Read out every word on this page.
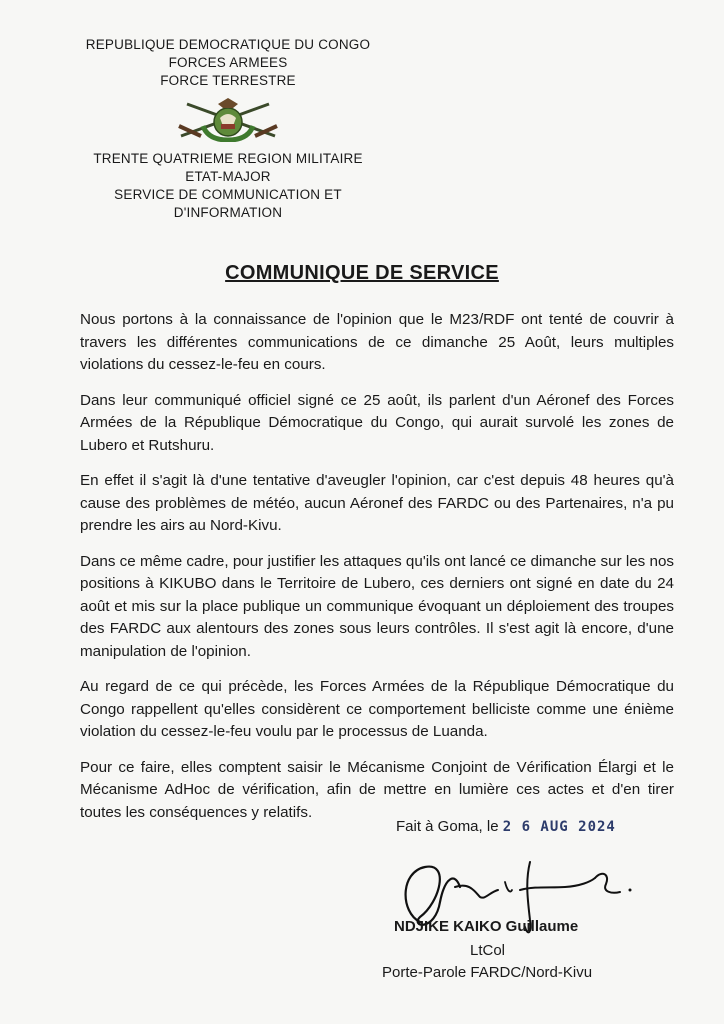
REPUBLIQUE DEMOCRATIQUE DU CONGO
FORCES ARMEES
FORCE TERRESTRE
TRENTE QUATRIEME REGION MILITAIRE
ETAT-MAJOR
SERVICE DE COMMUNICATION ET
D'INFORMATION
COMMUNIQUE DE SERVICE

Nous portons à la connaissance de l'opinion que le M23/RDF ont tenté de couvrir à travers les différentes communications de ce dimanche 25 Août, leurs multiples violations du cessez-le-feu en cours.

Dans leur communiqué officiel signé ce 25 août, ils parlent d'un Aéronef des Forces Armées de la République Démocratique du Congo, qui aurait survolé les zones de Lubero et Rutshuru.

En effet il s'agit là d'une tentative d'aveugler l'opinion, car c'est depuis 48 heures qu'à cause des problèmes de météo, aucun Aéronef des FARDC ou des Partenaires, n'a pu prendre les airs au Nord-Kivu.

Dans ce même cadre, pour justifier les attaques qu'ils ont lancé ce dimanche sur les nos positions à KIKUBO dans le Territoire de Lubero, ces derniers ont signé en date du 24 août et mis sur la place publique un communique évoquant un déploiement des troupes des FARDC aux alentours des zones sous leurs contrôles. Il s'est agit là encore, d'une manipulation de l'opinion.

Au regard de ce qui précède, les Forces Armées de la République Démocratique du Congo rappellent qu'elles considèrent ce comportement belliciste comme une énième violation du cessez-le-feu voulu par le processus de Luanda.

Pour ce faire, elles comptent saisir le Mécanisme Conjoint de Vérification Élargi et le Mécanisme AdHoc de vérification, afin de mettre en lumière ces actes et d'en tirer toutes les conséquences y relatifs.

Fait à Goma, le 2 6 AUG 2024
NDJIKE KAIKO Guillaume
LtCol
Porte-Parole FARDC/Nord-Kivu
